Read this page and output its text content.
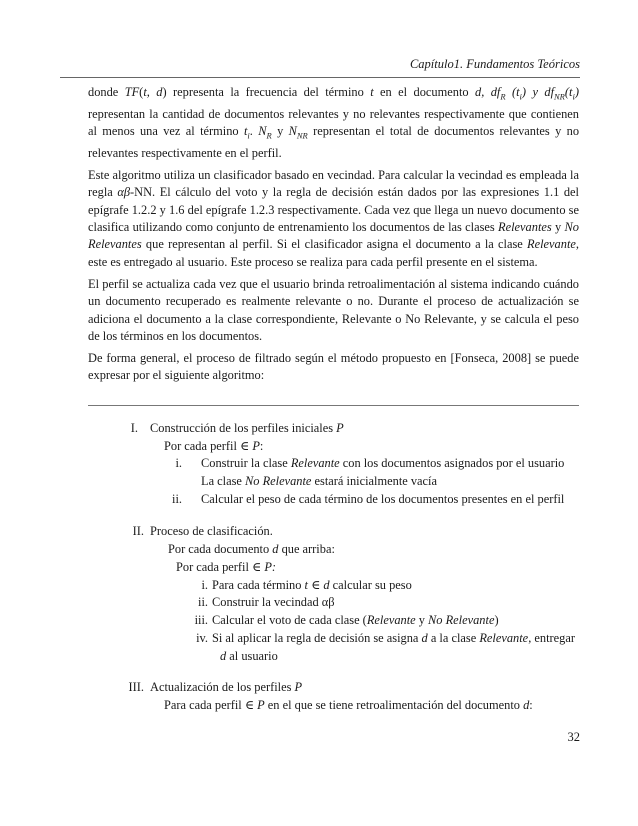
Capítulo1. Fundamentos Teóricos

donde TF(t, d) representa la frecuencia del término t en el documento d, $df_R$ $(t_i)$ y $df_{NR}(t_i)$ representan la cantidad de documentos relevantes y no relevantes respectivamente que contienen al menos una vez al término $t_i$. $N_R$ y $N_{NR}$ representan el total de documentos relevantes y no relevantes respectivamente en el perfil.

Este algoritmo utiliza un clasificador basado en vecindad. Para calcular la vecindad es empleada la regla αβ-NN. El cálculo del voto y la regla de decisión están dados por las expresiones 1.1 del epígrafe 1.2.2 y 1.6 del epígrafe 1.2.3 respectivamente. Cada vez que llega un nuevo documento se clasifica utilizando como conjunto de entrenamiento los documentos de las clases Relevantes y No Relevantes que representan al perfil. Si el clasificador asigna el documento a la clase Relevante, este es entregado al usuario. Este proceso se realiza para cada perfil presente en el sistema.

El perfil se actualiza cada vez que el usuario brinda retroalimentación al sistema indicando cuándo un documento recuperado es realmente relevante o no. Durante el proceso de actualización se adiciona el documento a la clase correspondiente, Relevante o No Relevante, y se calcula el peso de los términos en los documentos.

De forma general, el proceso de filtrado según el método propuesto en [Fonseca, 2008] se puede expresar por el siguiente algoritmo:

I. Construcción de los perfiles iniciales P
Por cada perfil ∈ P:
i. Construir la clase Relevante con los documentos asignados por el usuario
La clase No Relevante estará inicialmente vacía
ii. Calcular el peso de cada término de los documentos presentes en el perfil
II. Proceso de clasificación.
Por cada documento d que arriba:
Por cada perfil ∈ P:
i. Para cada término t ∈ d calcular su peso
ii. Construir la vecindad αβ
iii. Calcular el voto de cada clase (Relevante y No Relevante)
iv. Si al aplicar la regla de decisión se asigna d a la clase Relevante, entregar
d al usuario
III. Actualización de los perfiles P
Para cada perfil ∈ P en el que se tiene retroalimentación del documento d:
32
